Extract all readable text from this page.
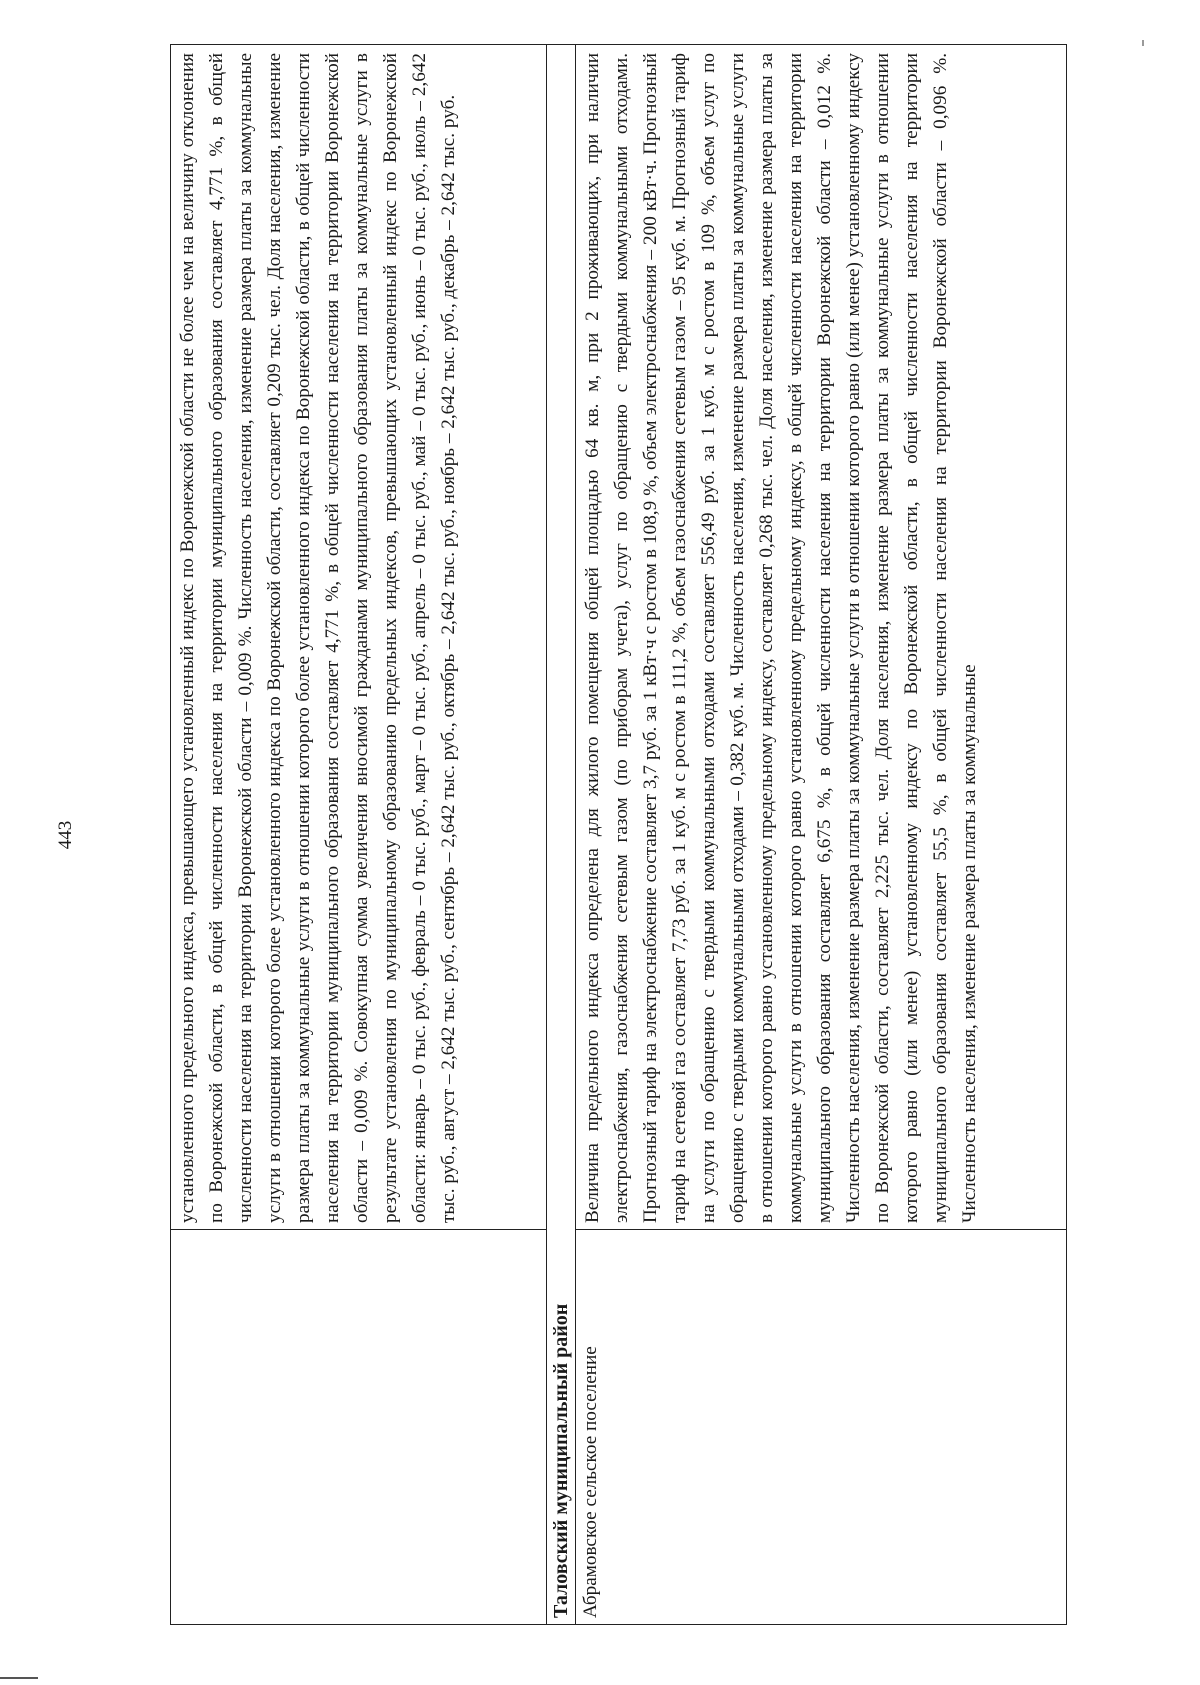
443

	установленного предельного индекса, превышающего установленный индекс по Воронежской области не более чем на величину отклонения по Воронежской области, в общей численности населения на территории муниципального образования составляет 4,771 %, в общей численности населения на территории Воронежской области – 0,009 %. Численность населения, изменение размера платы за коммунальные услуги в отношении которого более установленного индекса по Воронежской области, составляет 0,209 тыс. чел. Доля населения, изменение размера платы за коммунальные услуги в отношении которого более установленного индекса по Воронежской области, в общей численности населения на территории муниципального образования составляет 4,771 %, в общей численности населения на территории Воронежской области – 0,009 %. Совокупная сумма увеличения вносимой гражданами муниципального образования платы за коммунальные услуги в результате установления по муниципальному образованию предельных индексов, превышающих установленный индекс по Воронежской области: январь – 0 тыс. руб., февраль – 0 тыс. руб., март – 0 тыс. руб., апрель – 0 тыс. руб., май – 0 тыс. руб., июнь – 0 тыс. руб., июль – 2,642 тыс. руб., август – 2,642 тыс. руб., сентябрь – 2,642 тыс. руб., октябрь – 2,642 тыс. руб., ноябрь – 2,642 тыс. руб., декабрь – 2,642 тыс. руб.

Таловский муниципальный район	
Абрамовское сельское поселение	Величина предельного индекса определена для жилого помещения общей площадью 64 кв. м, при 2 проживающих, при наличии электроснабжения, газоснабжения сетевым газом (по приборам учета), услуг по обращению с твердыми коммунальными отходами. Прогнозный тариф на электроснабжение составляет 3,7 руб. за 1 кВт·ч с ростом в 108,9 %, объем электроснабжения – 200 кВт·ч. Прогнозный тариф на сетевой газ составляет 7,73 руб. за 1 куб. м с ростом в 111,2 %, объем газоснабжения сетевым газом – 95 куб. м. Прогнозный тариф на услуги по обращению с твердыми коммунальными отходами составляет 556,49 руб. за 1 куб. м с ростом в 109 %, объем услуг по обращению с твердыми коммунальными отходами – 0,382 куб. м. Численность населения, изменение размера платы за коммунальные услуги в отношении которого равно установленному предельному индексу, составляет 0,268 тыс. чел. Доля населения, изменение размера платы за коммунальные услуги в отношении которого равно установленному предельному индексу, в общей численности населения на территории муниципального образования составляет 6,675 %, в общей численности населения на территории Воронежской области – 0,012 %. Численность населения, изменение размера платы за коммунальные услуги в отношении которого равно (или менее) установленному индексу по Воронежской области, составляет 2,225 тыс. чел. Доля населения, изменение размера платы за коммунальные услуги в отношении которого равно (или менее) установленному индексу по Воронежской области, в общей численности населения на территории муниципального образования составляет 55,5 %, в общей численности населения на территории Воронежской области – 0,096 %. Численность населения, изменение размера платы за коммунальные
